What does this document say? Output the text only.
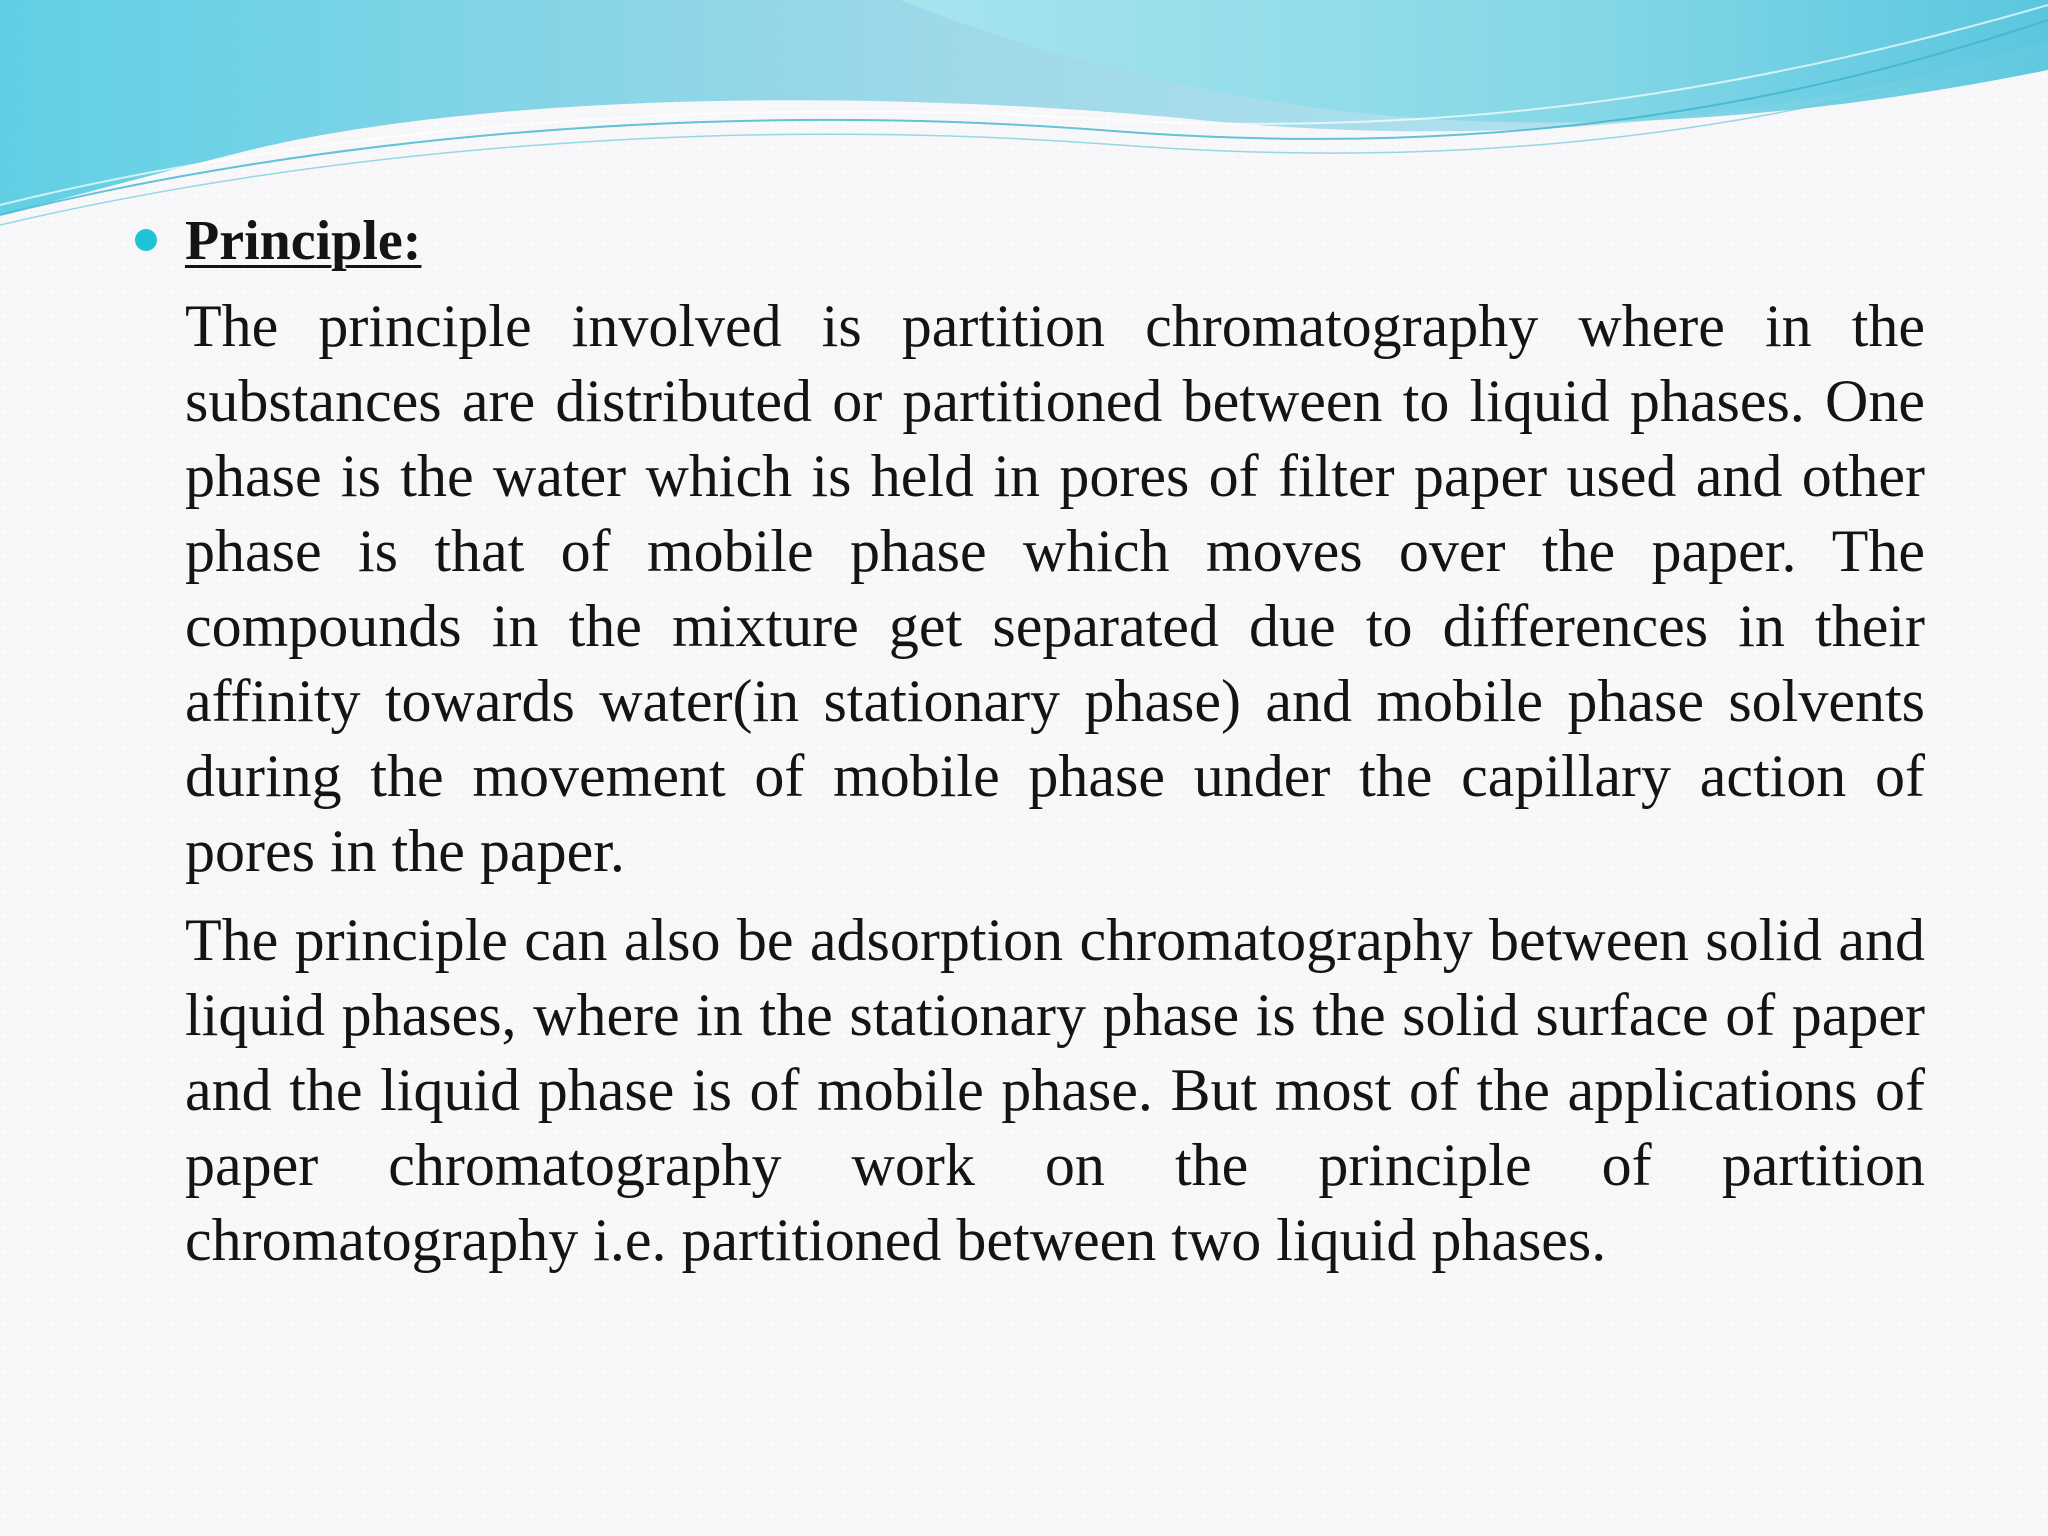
Principle:

The principle involved is partition chromatography where in the substances are distributed or partitioned between to liquid phases. One phase is the water which is held in pores of filter paper used and other phase is that of mobile phase which moves over the paper. The compounds in the mixture get separated due to differences in their affinity towards water(in stationary phase) and mobile phase solvents during the movement of mobile phase under the capillary action of pores in the paper.

The principle can also be adsorption chromatography between solid and liquid phases, where in the stationary phase is the solid surface of paper and the liquid phase is of mobile phase. But most of the applications of paper chromatography work on the principle of partition chromatography i.e. partitioned between two liquid phases.
